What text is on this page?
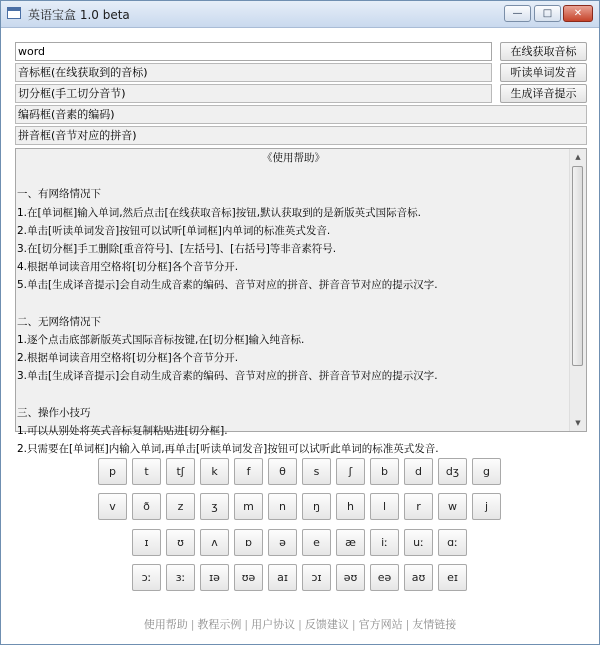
英语宝盒 1.0 beta	—	□	✕
word	在线获取音标
音标框(在线获取到的音标)	听读单词发音
切分框(手工切分音节)	生成译音提示
编码框(音素的编码)
拼音框(音节对应的拼音)
《使用帮助》
一、有网络情况下
1.在[单词框]输入单词,然后点击[在线获取音标]按钮,默认获取到的是新版英式国际音标.
2.单击[听读单词发音]按钮可以试听[单词框]内单词的标准英式发音.
3.在[切分框]手工删除[重音符号]、[左括号]、[右括号]等非音素符号.
4.根据单词读音用空格将[切分框]各个音节分开.
5.单击[生成译音提示]会自动生成音素的编码、音节对应的拼音、拼音音节对应的提示汉字.
二、无网络情况下
1.逐个点击底部新版英式国际音标按键,在[切分框]输入纯音标.
2.根据单词读音用空格将[切分框]各个音节分开.
3.单击[生成译音提示]会自动生成音素的编码、音节对应的拼音、拼音音节对应的提示汉字.
三、操作小技巧
1.可以从别处将英式音标复制粘贴进[切分框].
2.只需要在[单词框]内输入单词,再单击[听读单词发音]按钮可以试听此单词的标准英式发音.
▲
▼
p	t	tʃ	k	f	θ	s	ʃ	b	d	dʒ	g
v	ð	z	ʒ	m	n	ŋ	h	l	r	w	j
ɪ	ʊ	ʌ	ɒ	ə	e	æ	iː	uː	ɑː
ɔː	ɜː	ɪə	ʊə	aɪ	ɔɪ	əʊ	eə	aʊ	eɪ
使用帮助 | 教程示例 | 用户协议 | 反馈建议 | 官方网站 | 友情链接
